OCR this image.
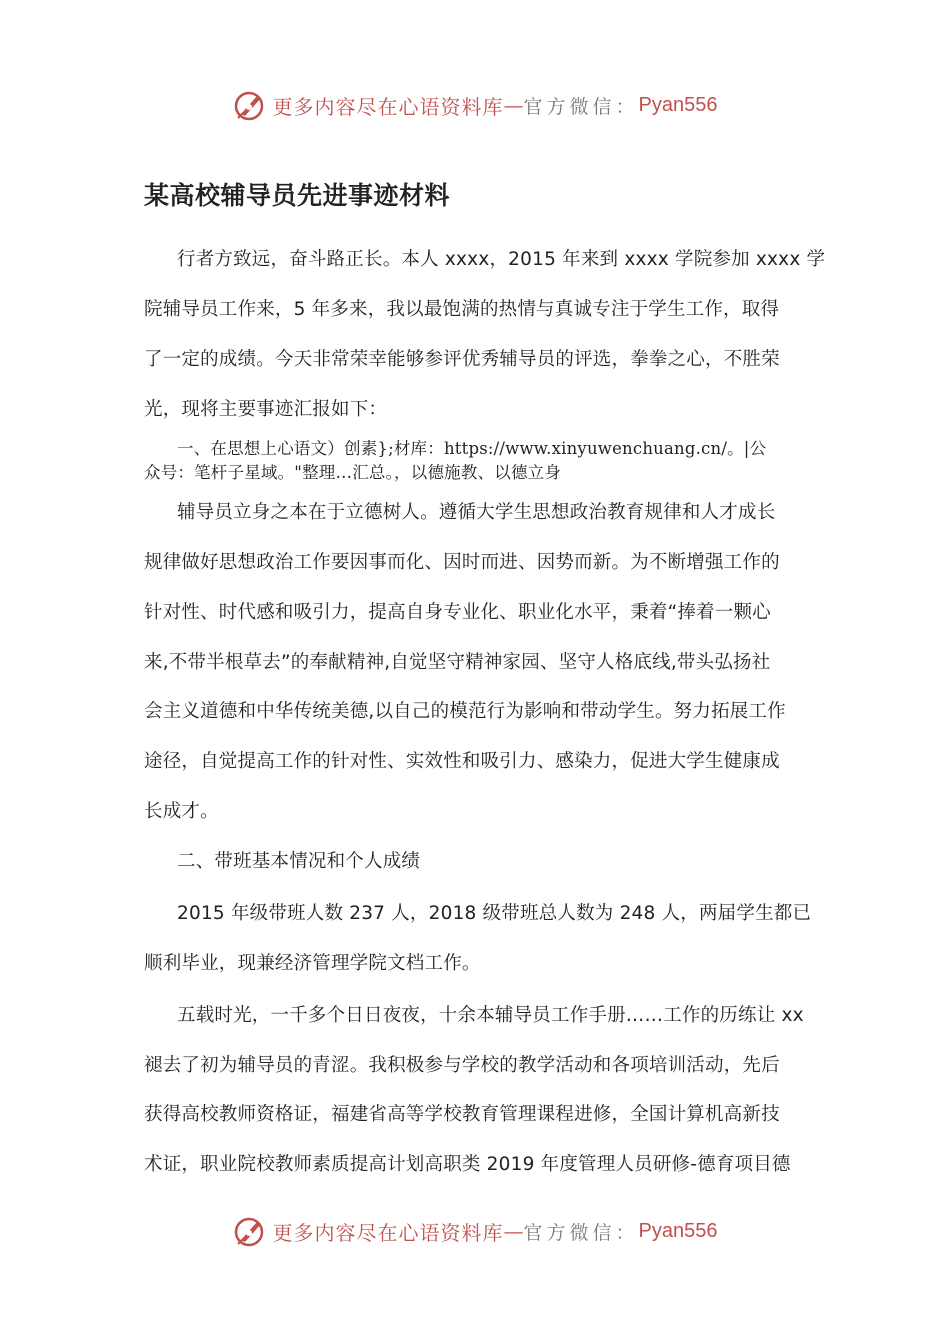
更多内容尽在心语资料库 — 官方微信： Pyan556
某高校辅导员先进事迹材料
行者方致远，奋斗路正长。本人 xxxx，2015 年来到 xxxx 学院参加 xxxx 学
院辅导员工作来，5 年多来，我以最饱满的热情与真诚专注于学生工作，取得
了一定的成绩。今天非常荣幸能够参评优秀辅导员的评选，拳拳之心，不胜荣
光，现将主要事迹汇报如下：
一、在思想上心语文）创素};材库：https://www.xinyuwenchuang.cn/。|公
众号：笔杆子星域。"整理…汇总。，以德施教、以德立身
辅导员立身之本在于立德树人。遵循大学生思想政治教育规律和人才成长
规律做好思想政治工作要因事而化、因时而进、因势而新。为不断增强工作的
针对性、时代感和吸引力，提高自身专业化、职业化水平，秉着“捧着一颗心
来,不带半根草去”的奉献精神,自觉坚守精神家园、坚守人格底线,带头弘扬社
会主义道德和中华传统美德,以自己的模范行为影响和带动学生。努力拓展工作
途径，自觉提高工作的针对性、实效性和吸引力、感染力，促进大学生健康成
长成才。
二、带班基本情况和个人成绩
2015 年级带班人数 237 人，2018 级带班总人数为 248 人，两届学生都已
顺利毕业，现兼经济管理学院文档工作。
五载时光，一千多个日日夜夜，十余本辅导员工作手册……工作的历练让 xx
褪去了初为辅导员的青涩。我积极参与学校的教学活动和各项培训活动，先后
获得高校教师资格证，福建省高等学校教育管理课程进修，全国计算机高新技
术证，职业院校教师素质提高计划高职类 2019 年度管理人员研修-德育项目德
更多内容尽在心语资料库 — 官方微信： Pyan556
